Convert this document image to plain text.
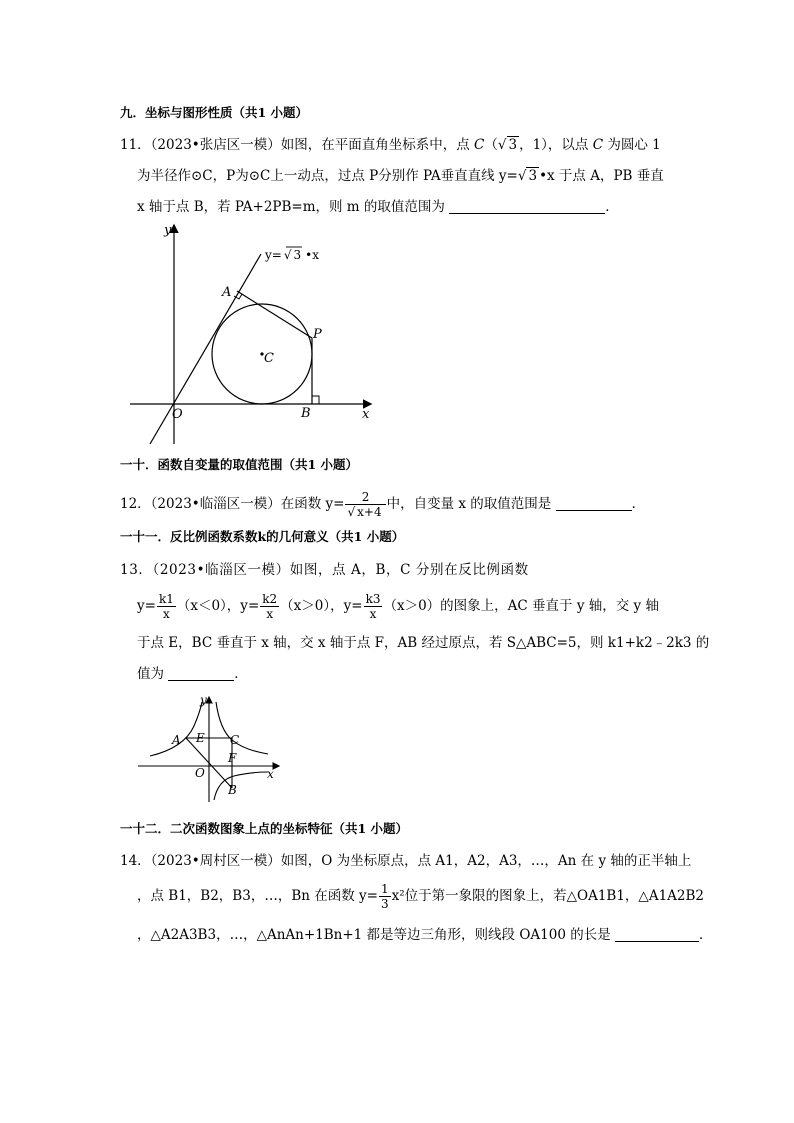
九．坐标与图形性质（共1 小题）
11．（2023•张店区一模）如图，在平面直角坐标系中，点 C（√ 3 ，1），以点 C 为圆心 1
为半径作⊙C，P为⊙C上一动点，过点 P分别作 PA垂直直线 y=√ 3 •x 于点 A，PB 垂直
x 轴于点 B，若 PA+2PB=m，则 m 的取值范围为	．
y
x
O
A
P
C
B
y= √ 3 •x
一十．函数自变量的取值范围（共1 小题）
12．（2023•临淄区一模）在函数 $y= \frac{2}{√ x+4}$ 中，自变量 x 的取值范围是	．
一十一．反比例函数系数k的几何意义（共1 小题）
13．（2023•临淄区一模）如图，点 A，B，C 分别在反比例函数
$y= \frac{k1}{x} (x<0)$，$y= \frac{k2}{x} (x>0)$，$y= \frac{k3}{x} (x>0)$的图象上，AC 垂直于 y 轴，交 y 轴
于点 E，BC 垂直于 x 轴，交 x 轴于点 F，AB 经过原点，若 S△ABC=5，则 k1+k2﹣2k3 的
值为	．
y
x
A E C
F
O
B
一十二．二次函数图象上点的坐标特征（共1 小题）
14．（2023•周村区一模）如图，O 为坐标原点，点 A1，A2，A3，…，An 在 y 轴的正半轴上
，点 B1，B2，B3，…，Bn 在函数 $y= \frac{1}{3} x^2$位于第一象限的图象上，若△OA1B1，△A1A2B2
，△A2A3B3，…，△AnAn+1Bn+1 都是等边三角形，则线段 OA100 的长是	．
